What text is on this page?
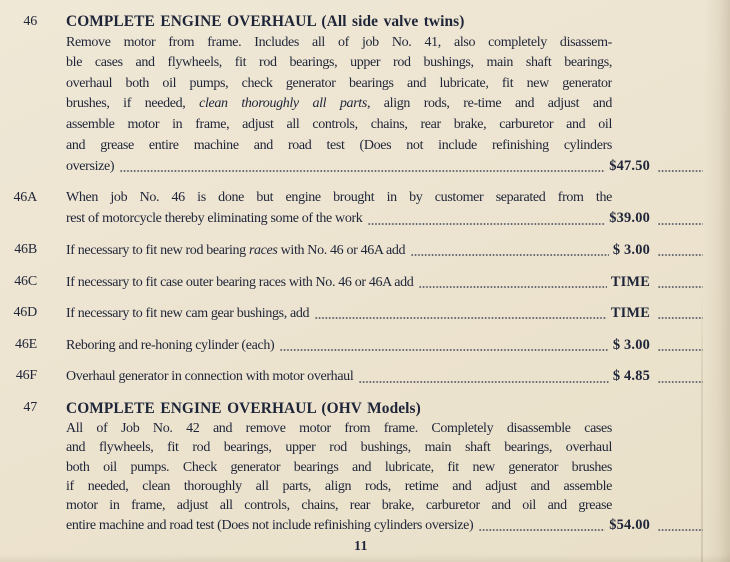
46 COMPLETE ENGINE OVERHAUL (All side valve twins)
Remove motor from frame. Includes all of job No. 41, also completely disassem-
ble cases and flywheels, fit rod bearings, upper rod bushings, main shaft bearings,
overhaul both oil pumps, check generator bearings and lubricate, fit new generator
brushes, if needed, clean thoroughly all parts, align rods, re-time and adjust and
assemble motor in frame, adjust all controls, chains, rear brake, carburetor and oil
and grease entire machine and road test (Does not include refinishing cylinders
oversize)	$47.50
46A When job No. 46 is done but engine brought in by customer separated from the
rest of motorcycle thereby eliminating some of the work	$39.00
46B If necessary to fit new rod bearing races with No. 46 or 46A add	$ 3.00
46C If necessary to fit case outer bearing races with No. 46 or 46A add	TIME
46D If necessary to fit new cam gear bushings, add	TIME
46E Reboring and re-honing cylinder (each)	$ 3.00
46F Overhaul generator in connection with motor overhaul	$ 4.85
47 COMPLETE ENGINE OVERHAUL (OHV Models)
All of Job No. 42 and remove motor from frame. Completely disassemble cases
and flywheels, fit rod bearings, upper rod bushings, main shaft bearings, overhaul
both oil pumps. Check generator bearings and lubricate, fit new generator brushes
if needed, clean thoroughly all parts, align rods, retime and adjust and assemble
motor in frame, adjust all controls, chains, rear brake, carburetor and oil and grease
entire machine and road test (Does not include refinishing cylinders oversize)	$54.00
11
